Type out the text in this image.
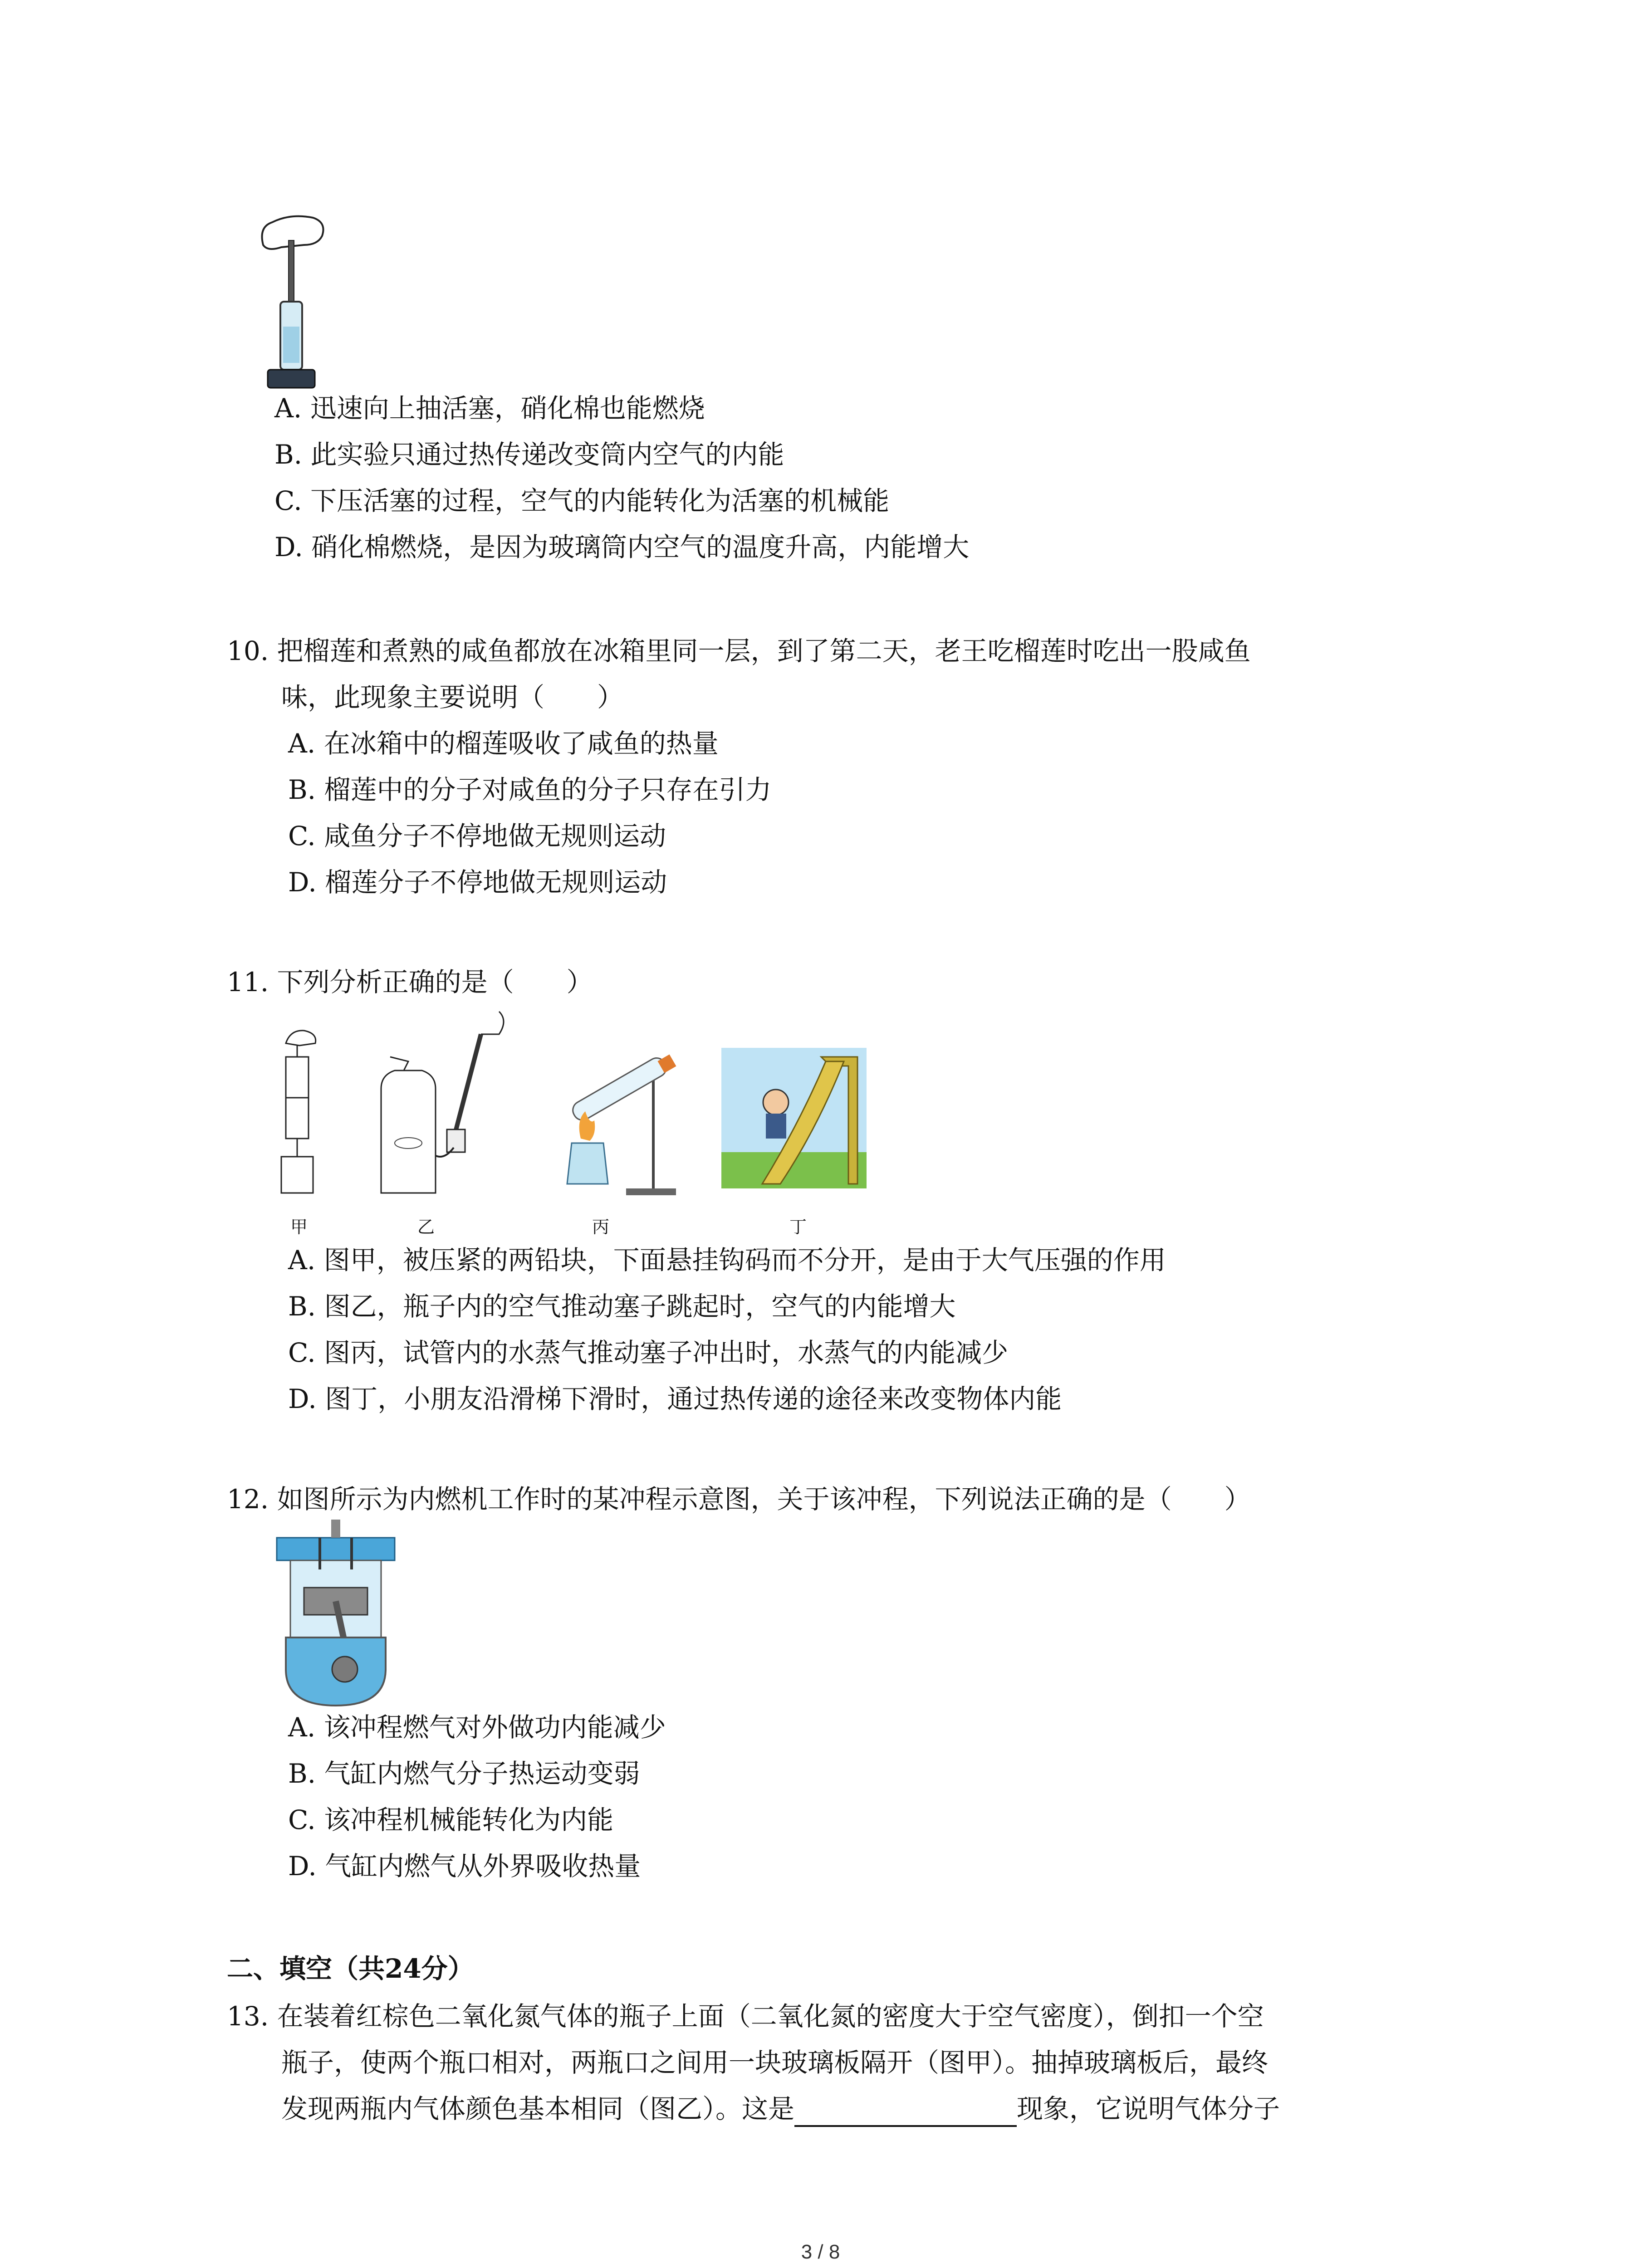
A. 迅速向上抽活塞，硝化棉也能燃烧
B. 此实验只通过热传递改变筒内空气的内能
C. 下压活塞的过程，空气的内能转化为活塞的机械能
D. 硝化棉燃烧，是因为玻璃筒内空气的温度升高，内能增大
10. 把榴莲和煮熟的咸鱼都放在冰箱里同一层，到了第二天，老王吃榴莲时吃出一股咸鱼
味，此现象主要说明（　　）
A. 在冰箱中的榴莲吸收了咸鱼的热量
B. 榴莲中的分子对咸鱼的分子只存在引力
C. 咸鱼分子不停地做无规则运动
D. 榴莲分子不停地做无规则运动
11. 下列分析正确的是（　　）
甲	乙	丙	丁
A. 图甲，被压紧的两铅块，下面悬挂钩码而不分开，是由于大气压强的作用
B. 图乙，瓶子内的空气推动塞子跳起时，空气的内能增大
C. 图丙，试管内的水蒸气推动塞子冲出时，水蒸气的内能减少
D. 图丁，小朋友沿滑梯下滑时，通过热传递的途径来改变物体内能
12. 如图所示为内燃机工作时的某冲程示意图，关于该冲程，下列说法正确的是（　　）
A. 该冲程燃气对外做功内能减少
B. 气缸内燃气分子热运动变弱
C. 该冲程机械能转化为内能
D. 气缸内燃气从外界吸收热量
二、填空（共24分）
13. 在装着红棕色二氧化氮气体的瓶子上面（二氧化氮的密度大于空气密度），倒扣一个空
瓶子，使两个瓶口相对，两瓶口之间用一块玻璃板隔开（图甲）。抽掉玻璃板后，最终
发现两瓶内气体颜色基本相同（图乙）。这是	现象，它说明气体分子
3 / 8
